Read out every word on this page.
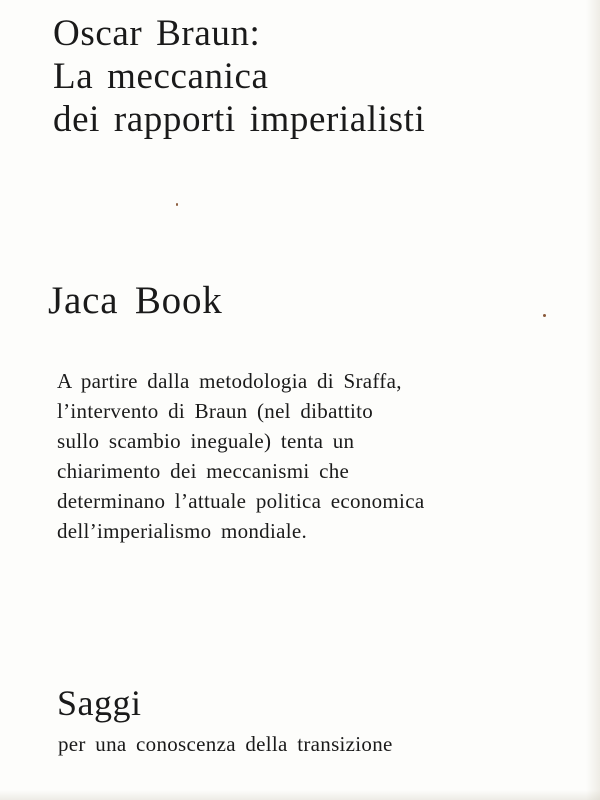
Oscar Braun:
La meccanica
dei rapporti imperialisti
Jaca Book

A partire dalla metodologia di Sraffa,
l’intervento di Braun (nel dibattito
sullo scambio ineguale) tenta un
chiarimento dei meccanismi che
determinano l’attuale politica economica
dell’imperialismo mondiale.

Saggi

per una conoscenza della transizione
